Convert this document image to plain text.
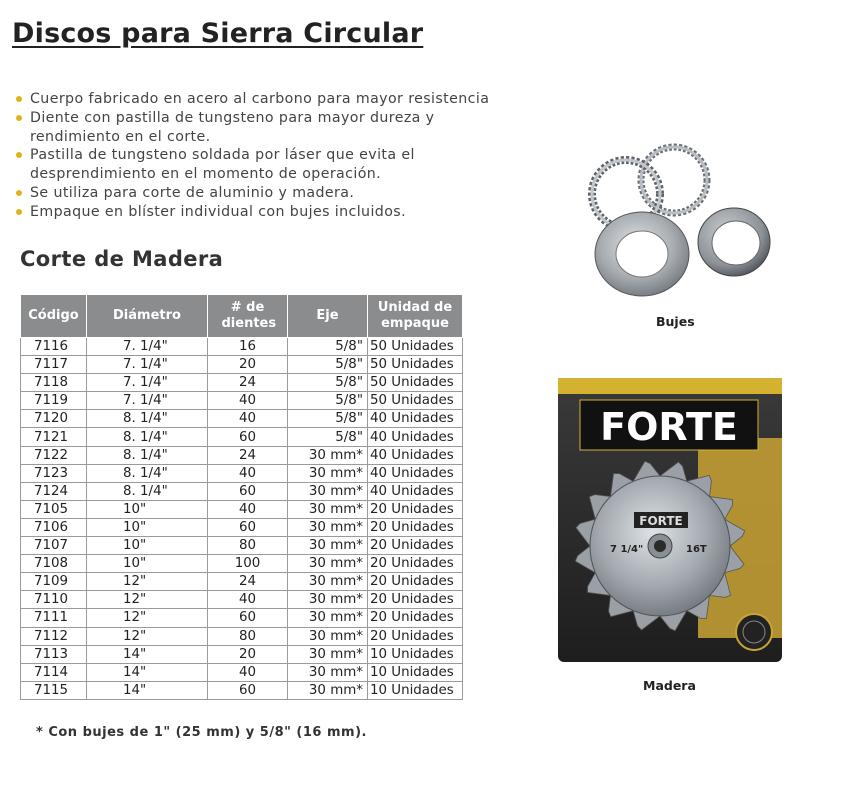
Discos para Sierra Circular
Cuerpo fabricado en acero al carbono para mayor resistencia
Diente con pastilla de tungsteno para mayor dureza y rendimiento en el corte.
Pastilla de tungsteno soldada por láser que evita el desprendimiento en el momento de operación.
Se utiliza para corte de aluminio y madera.
Empaque en blíster individual con bujes incluidos.
Corte de Madera
Código	Diámetro	# de dientes	Eje	Unidad de empaque
7116	7. 1/4"	16	5/8"	50 Unidades
7117	7. 1/4"	20	5/8"	50 Unidades
7118	7. 1/4"	24	5/8"	50 Unidades
7119	7. 1/4"	40	5/8"	50 Unidades
7120	8. 1/4"	40	5/8"	40 Unidades
7121	8. 1/4"	60	5/8"	40 Unidades
7122	8. 1/4"	24	30 mm*	40 Unidades
7123	8. 1/4"	40	30 mm*	40 Unidades
7124	8. 1/4"	60	30 mm*	40 Unidades
7105	10"	40	30 mm*	20 Unidades
7106	10"	60	30 mm*	20 Unidades
7107	10"	80	30 mm*	20 Unidades
7108	10"	100	30 mm*	20 Unidades
7109	12"	24	30 mm*	20 Unidades
7110	12"	40	30 mm*	20 Unidades
7111	12"	60	30 mm*	20 Unidades
7112	12"	80	30 mm*	20 Unidades
7113	14"	20	30 mm*	10 Unidades
7114	14"	40	30 mm*	10 Unidades
7115	14"	60	30 mm*	10 Unidades
* Con bujes de 1" (25 mm) y 5/8" (16 mm).
Bujes
FORTE
FORTE
7 1/4"	16T
Madera
